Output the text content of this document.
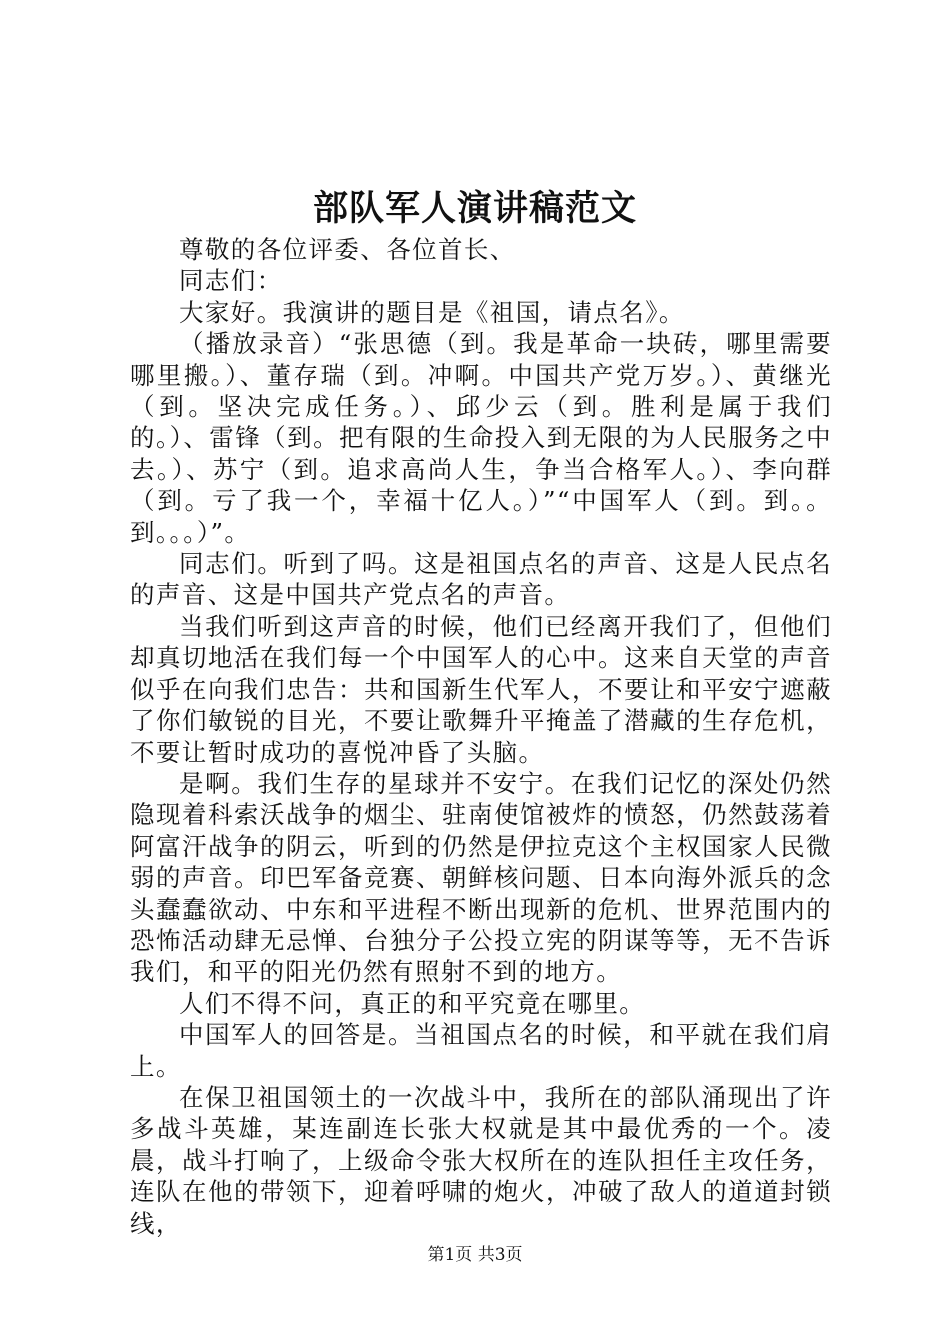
部队军人演讲稿范文

尊敬的各位评委、各位首长、

同志们：

大家好。我演讲的题目是《祖国，请点名》。

（播放录音）“张思德（到。我是革命一块砖，哪里需要哪里搬。）、董存瑞（到。冲啊。中国共产党万岁。）、黄继光（到。坚决完成任务。）、邱少云（到。胜利是属于我们的。）、雷锋（到。把有限的生命投入到无限的为人民服务之中去。）、苏宁（到。追求高尚人生，争当合格军人。）、李向群（到。亏了我一个，幸福十亿人。）”“中国军人（到。到。。到。。。）”。

同志们。听到了吗。这是祖国点名的声音、这是人民点名的声音、这是中国共产党点名的声音。

当我们听到这声音的时候，他们已经离开我们了，但他们却真切地活在我们每一个中国军人的心中。这来自天堂的声音似乎在向我们忠告：共和国新生代军人，不要让和平安宁遮蔽了你们敏锐的目光，不要让歌舞升平掩盖了潜藏的生存危机，不要让暂时成功的喜悦冲昏了头脑。

是啊。我们生存的星球并不安宁。在我们记忆的深处仍然隐现着科索沃战争的烟尘、驻南使馆被炸的愤怒，仍然鼓荡着阿富汗战争的阴云，听到的仍然是伊拉克这个主权国家人民微弱的声音。印巴军备竞赛、朝鲜核问题、日本向海外派兵的念头蠢蠢欲动、中东和平进程不断出现新的危机、世界范围内的恐怖活动肆无忌惮、台独分子公投立宪的阴谋等等，无不告诉我们，和平的阳光仍然有照射不到的地方。

人们不得不问，真正的和平究竟在哪里。

中国军人的回答是。当祖国点名的时候，和平就在我们肩上。

在保卫祖国领土的一次战斗中，我所在的部队涌现出了许多战斗英雄，某连副连长张大权就是其中最优秀的一个。凌晨，战斗打响了，上级命令张大权所在的连队担任主攻任务，连队在他的带领下，迎着呼啸的炮火，冲破了敌人的道道封锁线，

第1页 共3页
